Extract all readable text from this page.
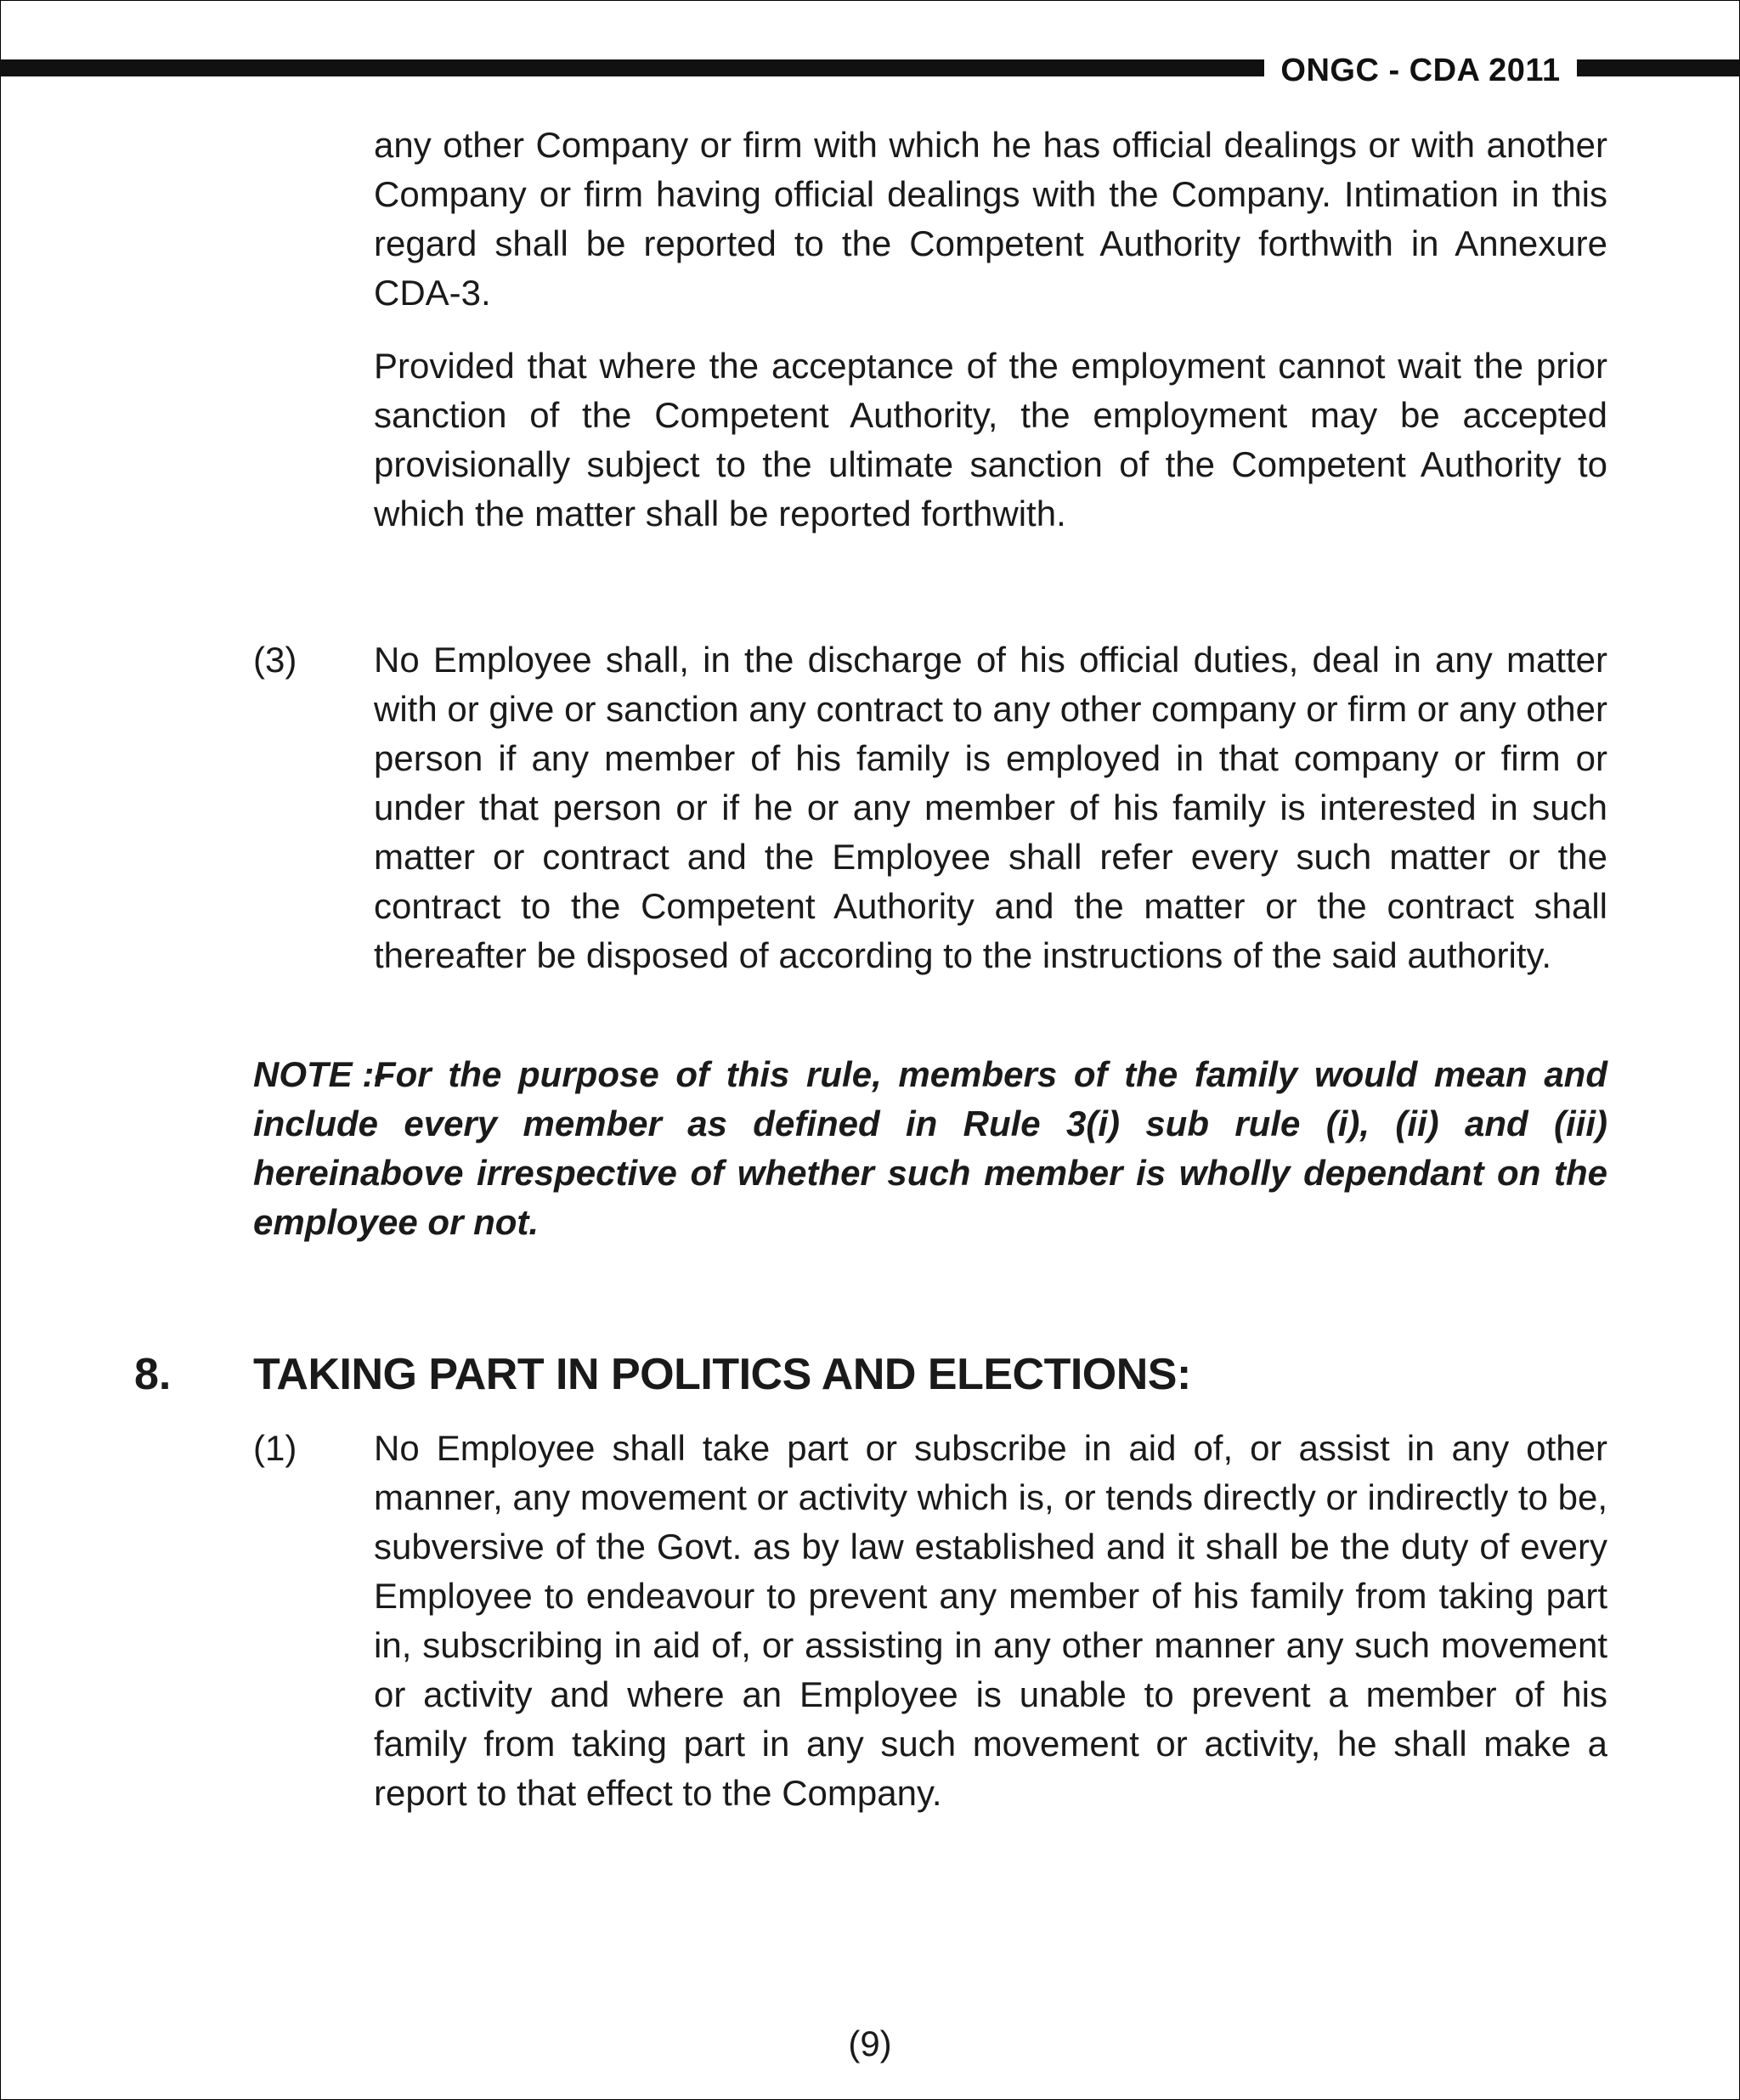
ONGC - CDA 2011

any other Company or firm with which he has official dealings or with another Company or firm having official dealings with the Company. Intimation in this regard shall be reported to the Competent Authority forthwith in Annexure CDA-3.

Provided that where the acceptance of the employment cannot wait the prior sanction of the Competent Authority, the employment may be accepted provisionally subject to the ultimate sanction of the Competent Authority to which the matter shall be reported forthwith.

(3) No Employee shall, in the discharge of his official duties, deal in any matter with or give or sanction any contract to any other company or firm or any other person if any member of his family is employed in that company or firm or under that person or if he or any member of his family is interested in such matter or contract and the Employee shall refer every such matter or the contract to the Competent Authority and the matter or the contract shall thereafter be disposed of according to the instructions of the said authority.

NOTE :-
For the purpose of this rule, members of the family would mean and include every member as defined in Rule 3(i) sub rule (i), (ii) and (iii) hereinabove irrespective of whether such member is wholly dependant on the employee or not.

8. TAKING PART IN POLITICS AND ELECTIONS:

(1) No Employee shall take part or subscribe in aid of, or assist in any other manner, any movement or activity which is, or tends directly or indirectly to be, subversive of the Govt. as by law established and it shall be the duty of every Employee to endeavour to prevent any member of his family from taking part in, subscribing in aid of, or assisting in any other manner any such movement or activity and where an Employee is unable to prevent a member of his family from taking part in any such movement or activity, he shall make a report to that effect to the Company.

(9)
